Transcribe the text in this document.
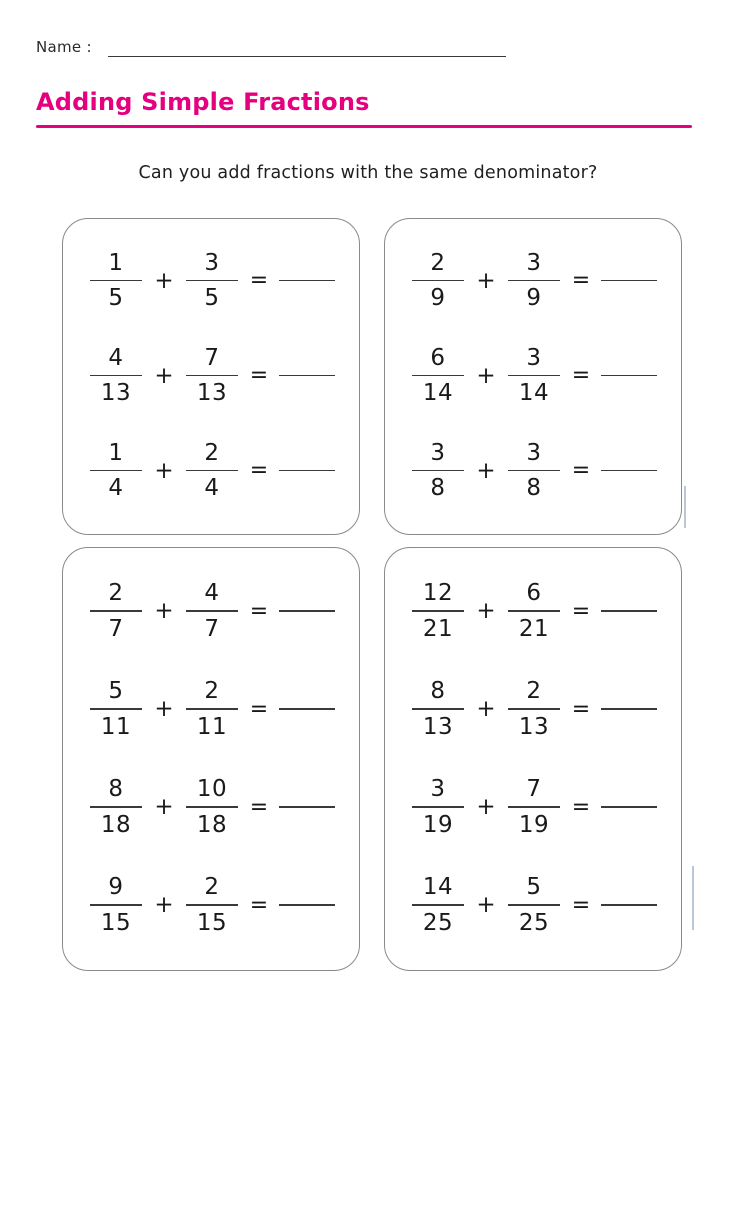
Name :
Adding Simple Fractions
Can you add fractions with the same denominator?
$\frac{1}{5} + \frac{3}{5}$ =
$\frac{4}{13} + \frac{7}{13}$ =
$\frac{1}{4} + \frac{2}{4}$ =
$\frac{2}{9} + \frac{3}{9}$ =
$\frac{6}{14} + \frac{3}{14}$ =
$\frac{3}{8} + \frac{3}{8}$ =
$\frac{2}{7} + \frac{4}{7}$ =
$\frac{5}{11} + \frac{2}{11}$ =
$\frac{8}{18} + \frac{10}{18}$ =
$\frac{9}{15} + \frac{2}{15}$ =
$\frac{12}{21} + \frac{6}{21}$ =
$\frac{8}{13} + \frac{2}{13}$ =
$\frac{3}{19} + \frac{7}{19}$ =
$\frac{14}{25} + \frac{5}{25}$ =
